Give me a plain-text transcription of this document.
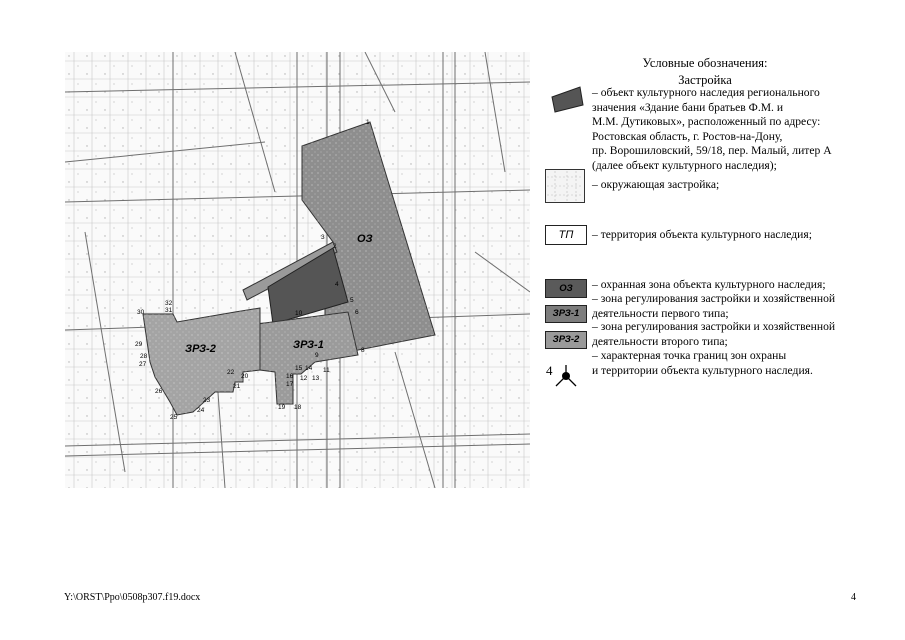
ОЗ
ЗРЗ-1
ЗРЗ-2
1
2
3
4
5
6
8
9
10
11
12 13
14
15
16
17
18
19
20
21
22
23
24
25
26
27
28
29
30	31
32
Условные обозначения:
Застройка
– объект культурного наследия регионального
значения «Здание бани братьев Ф.М. и
М.М. Дутиковых», расположенный по адресу:
Ростовская область, г. Ростов-на-Дону,
пр. Ворошиловский, 59/18, пер. Малый, литер А
(далее объект культурного наследия);
– окружающая застройка;
ТП	– территория объекта культурного наследия;
ОЗ	– охранная зона объекта культурного наследия;
ЗРЗ-1
– зона регулирования застройки и хозяйственной
деятельности первого типа;
ЗРЗ-2
– зона регулирования застройки и хозяйственной
деятельности второго типа;
4
– характерная точка границ зон охраны
и территории объекта культурного наследия.
Y:\ORST\Ppo\0508p307.f19.docx	4
